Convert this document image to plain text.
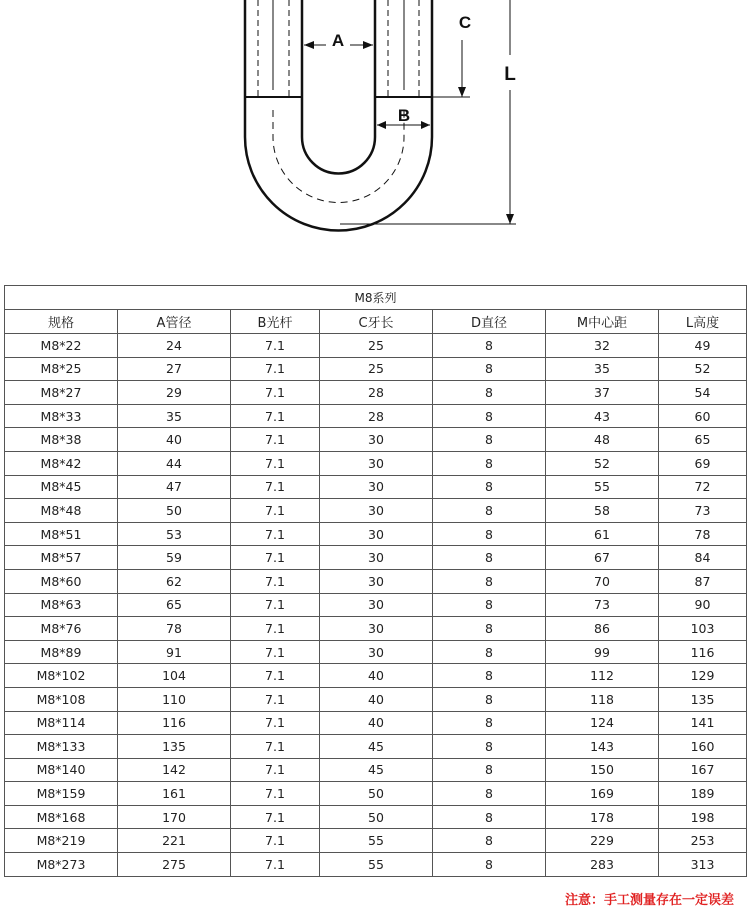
A
B
C
L
M8系列						
规格	A管径	B光杆	C牙长	D直径	M中心距	L高度
M8*22	24	7.1	25	8	32	49
M8*25	27	7.1	25	8	35	52
M8*27	29	7.1	28	8	37	54
M8*33	35	7.1	28	8	43	60
M8*38	40	7.1	30	8	48	65
M8*42	44	7.1	30	8	52	69
M8*45	47	7.1	30	8	55	72
M8*48	50	7.1	30	8	58	73
M8*51	53	7.1	30	8	61	78
M8*57	59	7.1	30	8	67	84
M8*60	62	7.1	30	8	70	87
M8*63	65	7.1	30	8	73	90
M8*76	78	7.1	30	8	86	103
M8*89	91	7.1	30	8	99	116
M8*102	104	7.1	40	8	112	129
M8*108	110	7.1	40	8	118	135
M8*114	116	7.1	40	8	124	141
M8*133	135	7.1	45	8	143	160
M8*140	142	7.1	45	8	150	167
M8*159	161	7.1	50	8	169	189
M8*168	170	7.1	50	8	178	198
M8*219	221	7.1	55	8	229	253
M8*273	275	7.1	55	8	283	313
注意：手工测量存在一定误差
